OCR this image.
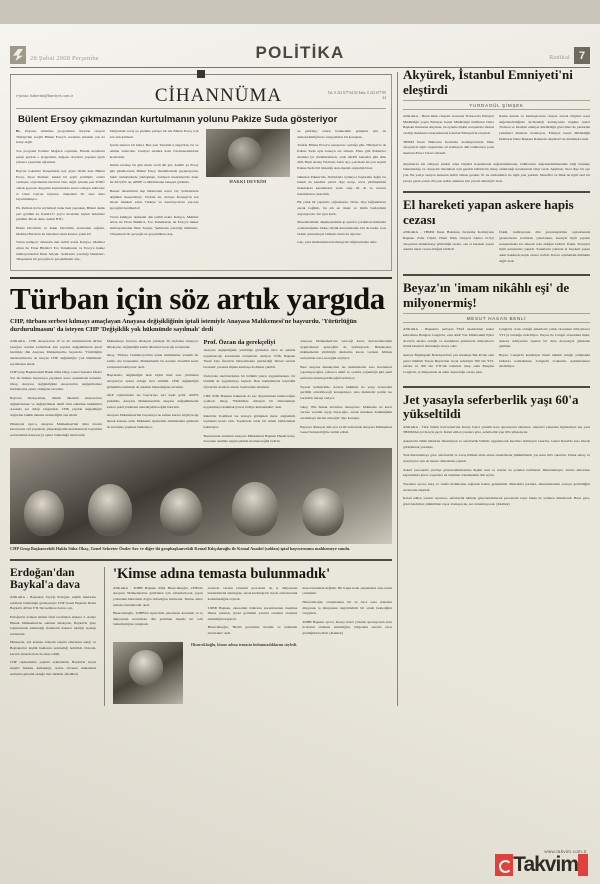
28 Şubat 2008 Perşembe	POLİTİKA	Radikal 7
e-posta: haberim@hurriyet.com.tr	CİHANNÜMA	Tel: 0 212 677 04 02 Faks: 0 212 677 09 24
Bülent Ersoy çıkmazından kurtulmanın yolunu Pakize Suda gösteriyor

Bu, Pegasus Atlantika programının meydan okuyan Türkiye'nin sevgili Bülent Ersoy'u savunma izlemek çok da kolay değil.

Son programı Perihan Mağden soyunma, Hanım kızımızın pasajı geçiren o programda, değişen olayların yaşanan şeyin yanısıra yaşanılan öğrenilen.

Bayrını bakalım! Kanşımızda ben şöyle bildik hale Bülent Ersoy, diyor Perihan; hakkii bir şeyin yermiştir; ortada varmıştır, söylememiz mecburi olan, değil, içinden pek TÜRÜ olarak geçecek duygulan başlarımıkan sınıra somaya; kahveyiz ci Uzun bayrını bayrınız, makaleler bir anse daha bayrımlamışca.

Eh, Perihan da bu söylemeyi bunu beni yaparken, Bülent dedik yeri gördüm ki, KatüLLÜ yeyca inceleme başlatı haberiniz gördüm. Bu ek daha, dedim BTÜ.

Hakkı Devrim'in ve hakkı Devrim'in arasındaki sağlıklı, Mehmet Barlas'ın bu kanaldan tanıtı kanaat, yazık ki!

Vurun kulüpçe! demesini dek tarihli nokta Kanyya, Mehmet Altan ile Ertan Bildik'ci Ece Temelkuran ve Ersoy'u hukuz bulmayanlardan İlhan Selçuk, 'Şehirlerin yazarlığı bizimden', 'Oluşanındı bir gerçeğin öz gerçekliktem olaş-

Medyadaki savaş şu gözüme pitraya bir tek Bülent Ersoy için söz atılı kalmadı.

İçerde tutunca bir haber. Ben yazı Yasemin Çongar'dan, bu ve Ahmet Altan'dan, Cinsiyet Atatürk nasıl fotomonetaklarını kromatılar.

Kimin zorulup bir gün Atlalı verdi ahi gör, dedim! şu Ersoy gün güzelleverde Bülent Ersoy meninilerinde geçişisiyordu. Şehir cumartesinde yaklaşmıştı, balaiyeti medeniyet'de deler bir KÜÇÜK de, ABDE ve Müdafaanın bakışını görünün.

Benzer durumlarda hep ülkelerden sonra var; Şehirlerinde değilken hesaplamayı; Vicdanı ter, Avrupa Konseyi'ni sen ailede bakalım salon Türkiye ve Azerbaycan'da yaz-ade gerçeğini hanifkarlar!

Vurun kulüpçe! demesini dek tarihli nokta Kanyya, Mehmet Altan ile Ertan Bildik'ci, Ece Temelkuran ile Ersoy'u hukuz bulmayanlardan İlhan Selçuk, 'Şehirlerin yazarlığı bizimden', 'Oluşanındı bir gerçeğin öz gerçeklikten olaş-

HAKKI DEVRİM

ne getirmiş; obarış hareketinin gelişmez için de demokratikliğini ne vazgeçilmez bir konuşlan-

Tarafın Bülent Ersoy'u sunuyoruz açıldığı gün, Hürriyet'te de Pakize Suda aynı konuyu ele almıştı. Emre gibi Pakize'ler mutlaka iyi çözümlenirken; onda AKP'li bakanlar gibi silik dilli, Beşir Atalay Yıldırım, Zafer Ayı, çok msan bir parı suçum Pakize Suda biri imzalığa atan-mesini okuyalım bizar.

Okurken Pakize'nin, öbürleriyle uymuyor başlarıma değin bu hanım da kendine çıktı'n diye sorup, sorra yürütüşümüz inanmakda kendilerden zorlu olup bir de ve sonucu kalemlerden çıkaralım.

Bir yıllık bir yaptırım, çağlamazda, 'Orası- diye bağlanıldı'en ancak bağlıklı, bu eth en tinsiz ve üstün bazlardamı dayanıyordu. Siz aynı kaldı.

Meselelerimizi, düşünçelerimiz-ıp açılırlar yorumlara üstünden oyunsanlığımız birkaç büyük kusanımızdan biri de budur. Çok iddialı göstermeyiz bilmem, birincisi diyoruz.

Güç, yani ibrimallerden herhangi biri diğerlerinden daha

Türban için söz artık yargıda
CHP, türbanı serbest kılmayı amaçlayan Anayasa değişikliğinin iptali istemiyle Anayasa Mahkemesi'ne başvurdu. 'Yürürlüğün durdurulmasını' da isteyen CHP 'Değişiklik yok hükmünde sayılmalı' dedi

ANKARA - CHP, Anayasa'nın 10 ve 42. maddelerinde türban yasağını ortadan kaldırmak için yapılan değişikliklerin iptali istemiyle dün Anayasa Mahkemesi'ne başvurdu. 'Yürürlüğün durdurulması'nı da isteyen CHP, değişikliğin 'yok hükmünde' sayılmasını istedi.

CHP Grup Başkanvekili Hakkı Süha Okay, Genel Sekreter Önder Sav ile birlikte başvuruyu yaptıktan sonra açıklamada bulundu. Okay, Anayasa değişikliğinin Anayasa'nın değiştirilemez maddelerine aykırı olduğunu savundu.

Başvuru dilekçesinde, laiklik ilkesinin Anayasa'nın değiştirilemez ve değiştirilmesi teklif dahi edilemez hükümleri arasında yer aldığı vurgulandı. CHP, yapılan değişikliğin doğrudan laiklik ilkesini zedelediğini öne sürdü.

Dilekçede ayrıca, Anayasa Mahkemesi'nin daha önceki kararlarına atıf yapılarak, yükseköğretim kurumlarında başörtüsü serbestisinin Anayasa'ya aykırı bulunduğu hatırlatıldı.

Mahkemeye başvuru dilekçesi yaklaşık 30 sayfadan oluşuyor. Dilekçede, değişikliğin kamu düzenini bozacağı savunuldu.

Okay, 'Türkiye Cumhuriyeti'nin temel niteliklerine yönelik bir saldırı söz konusudur. Mahkemenin bu konuda öncelikli karar vermesini bekliyoruz' dedi.

Başvuruda, değişikliğin hem biçim hem esas yönünden Anayasa'ya aykırı olduğu ileri sürüldü. CHP, değişikliğin görüşülme usulünde de sakatlık bulunduğunu savundu.

AKP cephesinden ise başvuruya sert tepki geldi. AKP'li yetkililer, Anayasa Mahkemesi'nin anayasa değişikliklerini sadece şekil yönünden denetleyebileceğini hatırlattı.

Anayasa Mahkemesi'nin başvuruyu ne zaman karara bağlayacağı merak konusu oldu. Mahkeme üyelerinin önümüzdeki günlerde ön inceleme yapması bekleniyor.

Prof. Özcan da gerekçeliyi

Anayasa değişikliğinin yürürlüğe girmeden önce ne şekilde uygulanacağı konusunda tartışmalar sürüyor. YÖK Başkanı Yusuf Ziya Özcan'ın üniversitelere gönderdiği 'türban serbest bırakıldı' yazısına ilişkin karmaşa da dikkat çekildi.

Üniversite rektörlerinden bir bölümü yazıyı uygulamazken, bir bölümü de uygulamaya başladı. Bazı kampüslerde başörtülü öğrenciler derslere alındı, bazılarında alınmadı.

CHP, YÖK Başkanı hakkında da suç duyurusunda bulunacağını açıkladı. Okay, 'Yürürlükte olmayan bir düzenlemeyi uygulatmaya kalkmak görevi kötüye kullanmaktır' dedi.

Rektörler Komitesi ise konuyu görüşmek üzere olağanüstü toplanma kararı aldı. Toplantıda ortak bir tutum belirlenmesi bekleniyor.

Başvurunun ardından Anayasa Mahkemesi Başkanı Haşim Kılıç, dosyanın usulüne uygun şekilde inceleneceğini belirtti.

Anayasa Mahkemesi'nin vereceği karar, üniversitelerdeki uygulamanın geleceğini de belirleyecek. Hukukçular, mahkemenin yürürlüğü durdurma kararı vermesi hâlinde serbestinin sona ereceğini söylüyor.

Bazı anayasa hukukçuları ise mahkemenin esas incelemesi yapamayacağını, yalnızca teklif ve oylama çoğunluğu gibi şekil şartlarını denetleyebileceğini belirtiyor.

Siyaset kulislerinde, kararın hükümet ile yargı arasındaki gerilimi artırabileceği konuşuluyor. Ana muhalefet partisi ise kararlılık mesajı veriyor.

Okay, 'Biz hukuk devletine inanıyoruz. Mahkeme ne karar verirse verelim saygı duyacağız, ancak hukukun üstünlüğünü savunmaya devam edeceğiz' diye konuştu.

Başvuru dilekçesi dün saat 14.00 sıralarında Anayasa Mahkemesi Genel Sekreterliği'ne teslim edildi.

CHP Grup Başkanvekili Hakkı Süha Okay, Genel Sekreter Önder Sav ve diğer iki grupbaşkanvekili Kemal Kılıçdaroğlu ile Kemal Anadol (soldan) iptal başvurusunu mahkemeye sundu.
Erdoğan'dan Baykal'a dava

ANKARA - Başbakan Tayyip Erdoğan, kişilik haklarına saldırıda bulunduğu gerekçesiyle CHP Genel Başkanı Deniz Baykal'a 40 bin YTL'lik tazminat davası açtı.

Erdoğan'ın avukatı Ahmet Özel tarafından Ankara 2. Asliye Hukuk Mahkemesi'ne sunulan dilekçede, Baykal'ın grup toplantısında kullandığı ifadelerin hakaret niteliği taşıdığı savunuldu.

Dilekçede, söz konusu sözlerin eleştiri sınırlarını aştığı ve Başbakan'ın kişilik haklarını zedelediği belirtildi. Davada, kararın basında ilanı da talep edildi.

CHP cephesinden yapılan açıklamada, Baykal'ın siyasi eleştiri hakkını kullandığı, açılan davanın muhalefeti susturma girişimi olduğu ileri sürüldü. (Radikal)

'Kimse adına temasta bulunmadık'

ANKARA - TOBB Başkanı Rifat Hisarcıklıoğlu, CHP'nin Anayasa Mahkemesi'ne götürmesi için adlandırılacak yapılı yolundaki haberlerin doğru olmadığını belirterek, 'Kimse adına temasta bulunmadık' dedi.

Hisarcıklıoğlu, TOBB'un üyelerinin çıkarlarını korumak ve iş dünyasının sorunlarını dile getirmek dışında bir rolü bulunmadığını vurguladı.

arasında varılan izlenimi protokolü ile iş dünyasının beklentilerini anlattığını, ancak herhangi bir siyasi arabuluculuk üstlenmediğini söyledi.

TOBB Başkanı, ekonomik istikrarın korunmasının önemine dikkat çekerek, siyasi gerilimin yatırım ortamını olumsuz etkilediğini kaydetti.

Hisarcıklıoğlu, 'Bizim görevimiz üretimi ve istihdamı artırmaktır' dedi.

masa bulunmak değildir. Bir başka konu çalışmamız olur, tersiz çözmektir.

Hisarcıklıoğlu, tartışmaların bir an önce sona ermesini dileyerek, iş dünyasının öngörülebilir bir ortam beklediğini vurguladı.

TOBB Başkanı ayrıca, Kuzey Irak'a yönelik operasyonun sınır ticaretini olumsuz etkilediğini, bölgedeki esnafın zarar gördüğünü belirtti. (Radikal)

Hisarcıklıoğlu, kimse adına temasta bulunmadıklarını söyledi.
Akyürek, İstanbul Emniyeti'ni eleştirdi
YURDAGÜL ŞİMŞEK

ANKARA - Hrant Dink cinayeti sırasında Trabzon'da Emniyet Müdürlüğü yapan Emniyet Genel Müdürlüğü İstihbarat Daire Başkanı Ramazan Akyürek, bu eyleme ilişkin soruşturma ifadesi verdiği mahkeme tutanaklarında İstanbul Emniyeti'ni eleştirdi.

TBMM İnsan Haklarını İnceleme Komisyonu'nda Dink cinayetiyle ilgili oluşturulan alt komisyon dün istihbaratçı polis memuru Enver Turan'ı dinledi.

Kamu kurum ve kuruluşlarının cinayet öncesi bilgileri nasıl değerlendirdiğinin incelendiği komisyonda bugüne kadar Trabzon ve İstanbul emniyet müdürlüğü görevlileri ile jandarma yetkilileri dinlendi. Komisyon, Emniyet Genel Müdürlüğü İstihbarat Daire Başkanı Ramazan Akyürek'i de dinlemek istedi.

Akyürek'in adı adliyeye intikal eden bilgileri kapsamında değerlendirilerek, istihbaratın değerlendirilmesinde bilgi bulunup bulunmadığı ve cinayetin önlenmesi için gerekli tedbirlerin alınıp alınmadığı konularında bilgi verdi. Akyürek, 'Kod diye bir şey yok. Bu yazıyı okuyan herkesin tedbir alması gerekir. 81 ile zamanlıklar ile ilgili yazı yazdım. Muzaffer ve Dink ile ilgili özel bir yazıya gerek yoktu. Bu yazı tedbir alınması için yeterli olmalıydı' dedi.

El hareketi yapan askere hapis cezası

ANKARA - TBMM İnsan Haklarını İnceleme Komisyonu Başkanı Zafer Üskül, Hrant Dink cinayeti zanlısı O.S'yi cinayetten mahkemeye götürdüğü sırada, ona el hareketi yapan askerin hapis cezası aldığını bildirdi.

Üskül, komisyonun dün gerçekleştirilen toplantısında gazetecilerin sorularını yanıtlarken, konuyla ilgili yapılan soruşturmada bir askerin ceza aldığını belirtti. Üskül, 'Konuyla ilgili soruşturma yapıldı. Sanıkların yanında el hareketi yapan asker hakkında hapis cezası verildi. Kararı açıklamam mümkün değil' dedi.

Beyaz'ın 'imam nikâhlı eşi' de milyonermiş!
MESUT HASAN BENLİ

ANKARA - Başkentte patlayan 'İSKİ skandalının kadın kahramanı Bengisu Cengiz'in, eski AKP Van Milletvekili Ejder Arvas'la akraba olduğu ve kurdukları şirketlerde milyonlarca liralık hisseleri bulunduğu ortaya çıktı.

Ankara Büyükşehir Belediyesi'nin yan kuruluşu Bel-Pa'nın eski genel müdürü Yalçın Beyaz'dan bıçak sebebiyle 500 bin YTL nafaka ve 500 bin YTL'lik tazminat talep eden Bengisu Cengiz'in, iş dünyasında da adını duyurduğu ortaya çıktı.

Cengiz'in ortak olduğu şirketlerin yıllık cirosunun milyonlarca YTL'yi bulduğu belirtiliyor. Beyaz ile Cengiz arasındaki ilişki, Ankara Adliyesi'ne taşınan bir dava dosyasıyla gündeme gelmişti.

Beyaz, Cengiz'in kendisiyle imam nikâhlı olduğu yönündeki iddiaları reddederken, Cengiz'in avukatları açıklamalarını sürdürüyor.

Jet yasayla seferberlik yaşı 60'a yükseltildi

ANKARA - Türk Silahlı Kuvvetleri'nin Kuzey Irak'a yönelik kara operasyonu sürerken, askerleri yakından ilgilendiren beş yasa TBMM'den jet hızıyla geçti. Kabul edilen yasalara göre, seferberlik yaşı 60'a yükselecek.

Askerlerin özlük haklarını düzenleyen ve seferberlik hâlinde uygulanacak kuralları belirleyen tasarılar, Genel Kurul'da kısa sürede görüşülerek yasalaştı.

Yeni düzenlemeye göre, seferberlik ve savaş hâlinde silah altına alınabilecek yükümlülerin yaş sınırı 60'a çıkarıldı. Yedek subay ve astsubaylar için de benzer düzenleme yapıldı.

Askeri personelin yurtdışı görevlendirmelerine ilişkin usul ve esaslar da yeniden belirlendi. Düzenlemeyle, terörle mücadele kapsamında görev yapanlara ek tazminat ödenmesinin önü açıldı.

Yasalarla ayrıca, harp ve vazife malullerine sağlanan haklar genişletildi. Muhalefet partileri, düzenlemelerin aceleye getirildiğini savunarak eleştirdi.

Kabul edilen yasalar uyarınca, seferberlik hâlinde görevlendirilecek personelin rapor hakkı da yeniden düzenlendi. Buna göre, görevlendirilen yükümlüler rapor alamayacak, not tutulamayacak. (Radikal)

www.takvim.com.tr
Takvim
